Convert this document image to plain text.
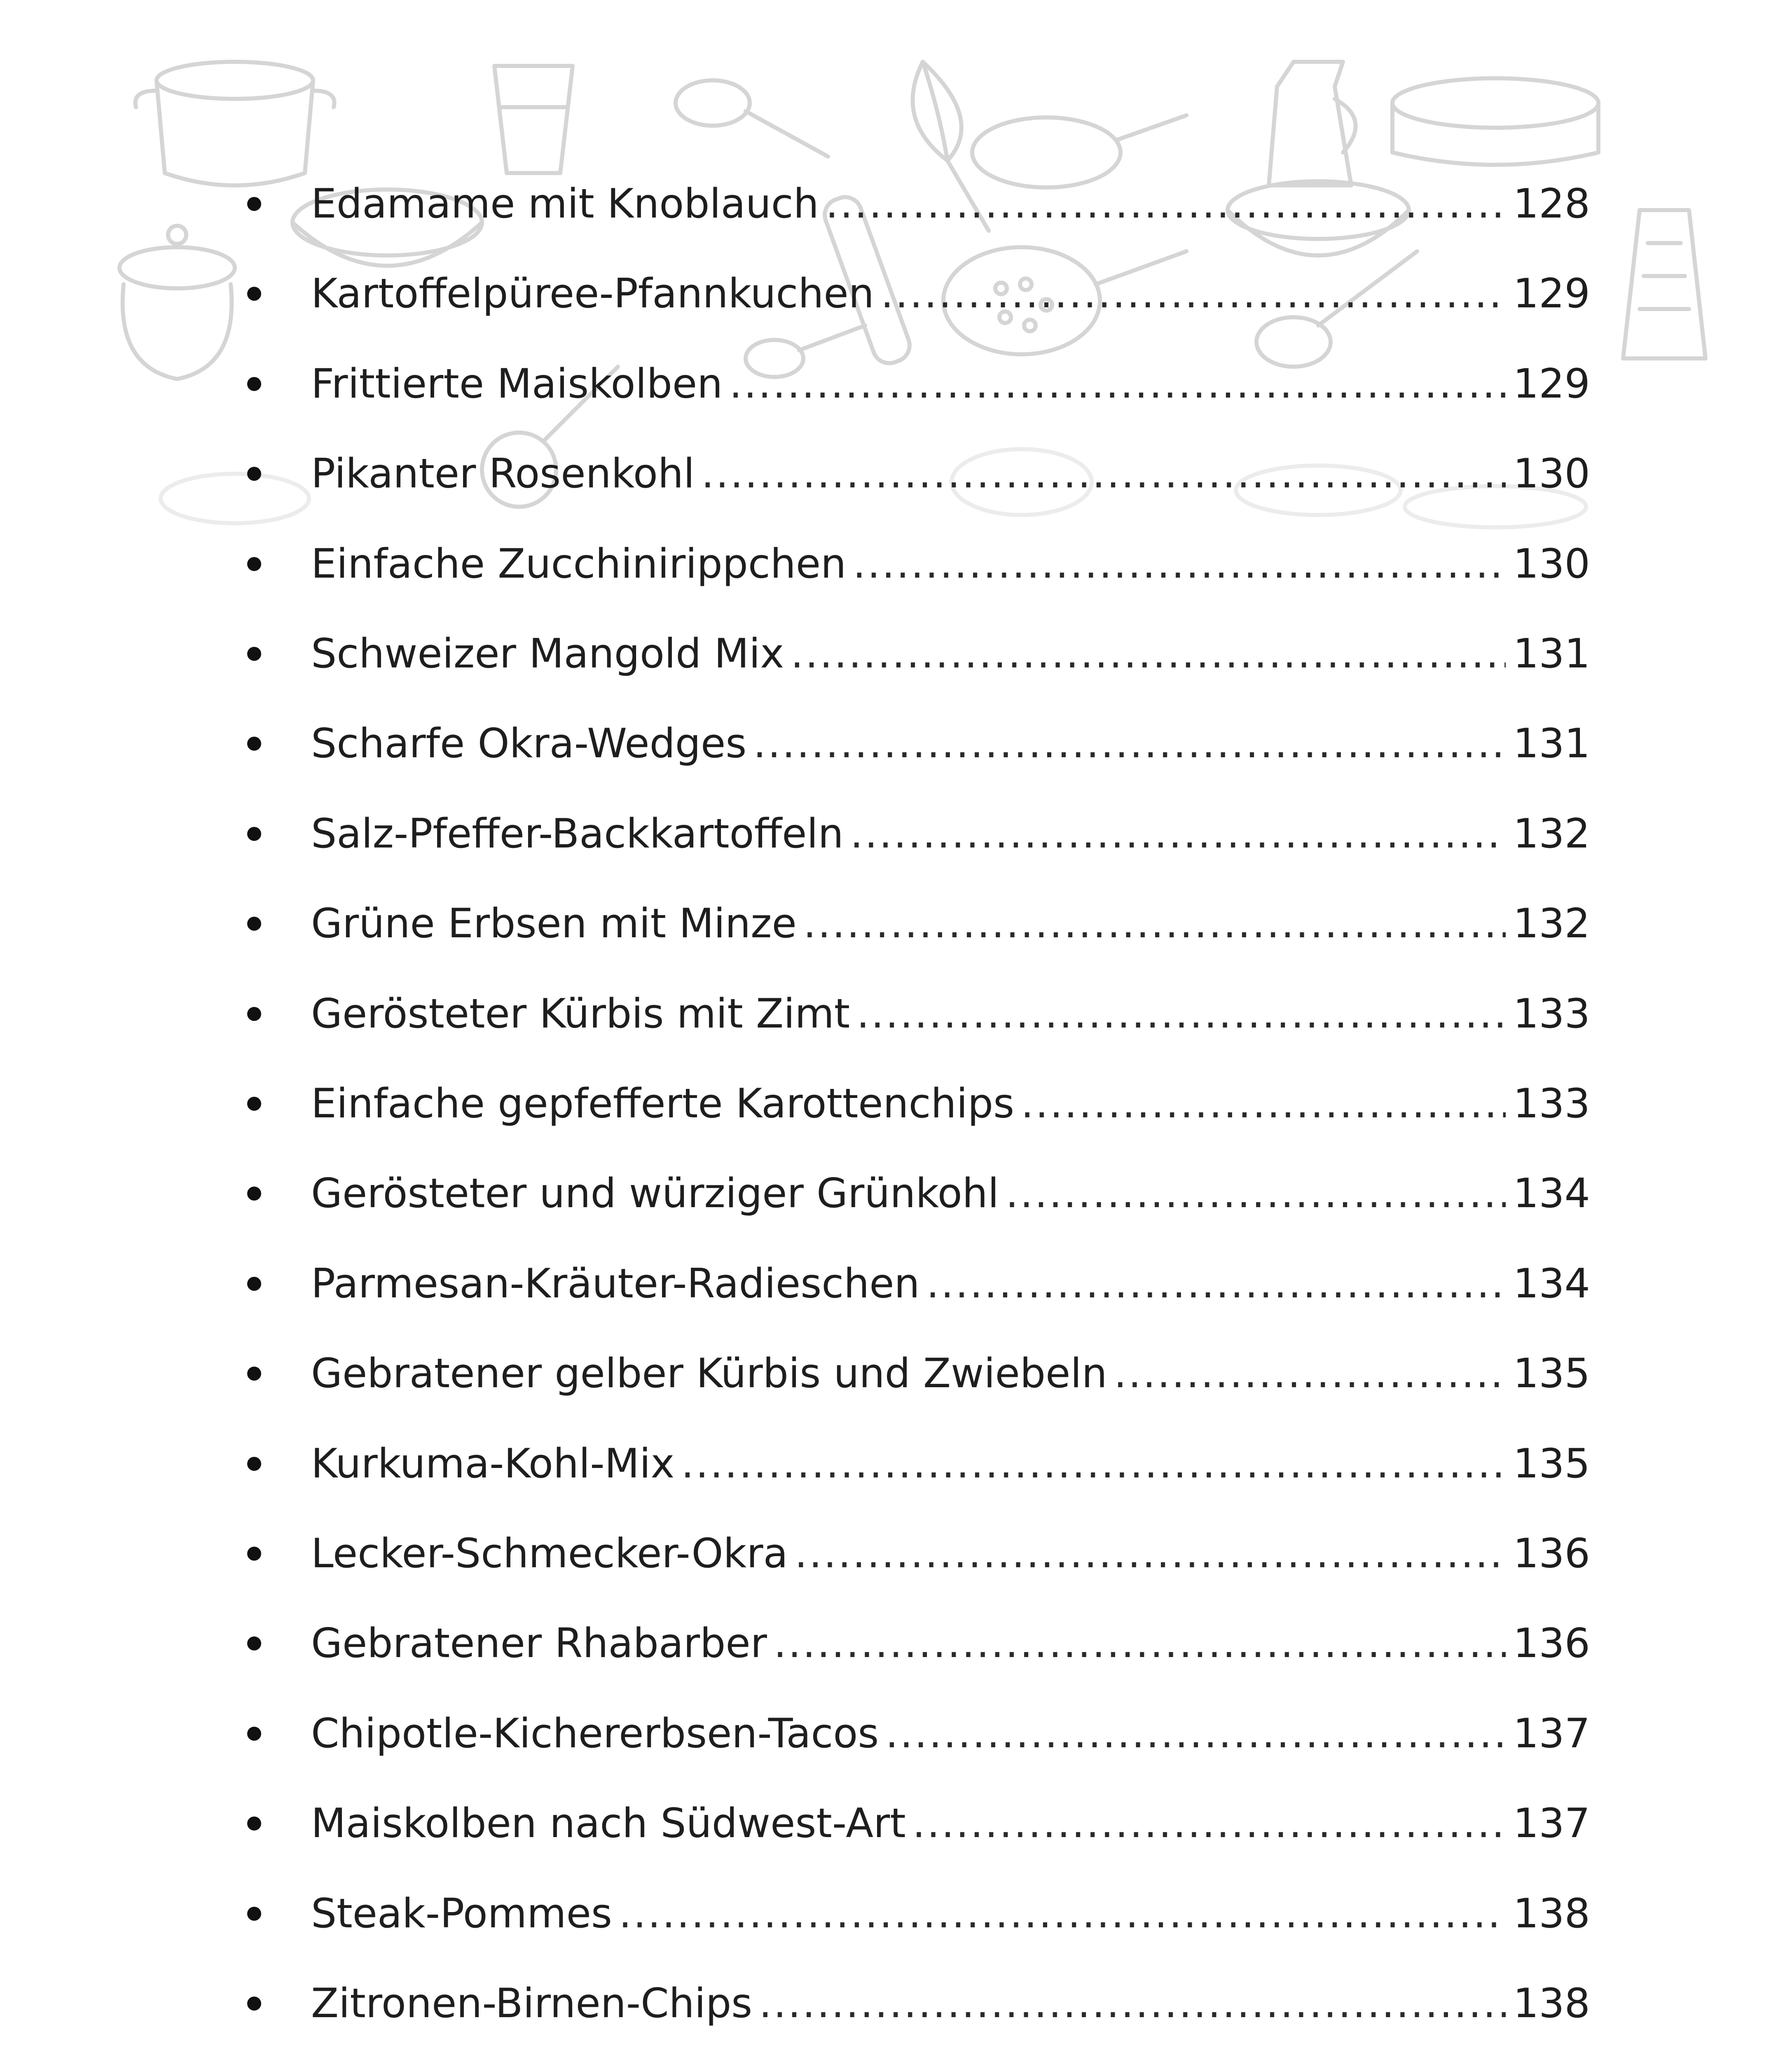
Edamame mit Knoblauch .....	128
Kartoffelpüree-Pfannkuchen .....	129
Frittierte Maiskolben .....	129
Pikanter Rosenkohl .....	130
Einfache Zucchinirippchen .....	130
Schweizer Mangold Mix .....	131
Scharfe Okra-Wedges .....	131
Salz-Pfeffer-Backkartoffeln .....	132
Grüne Erbsen mit Minze .....	132
Gerösteter Kürbis mit Zimt .....	133
Einfache gepfefferte Karottenchips .....	133
Gerösteter und würziger Grünkohl .....	134
Parmesan-Kräuter-Radieschen .....	134
Gebratener gelber Kürbis und Zwiebeln .....	135
Kurkuma-Kohl-Mix .....	135
Lecker-Schmecker-Okra .....	136
Gebratener Rhabarber .....	136
Chipotle-Kichererbsen-Tacos .....	137
Maiskolben nach Südwest-Art .....	137
Steak-Pommes .....	138
Zitronen-Birnen-Chips .....	138
